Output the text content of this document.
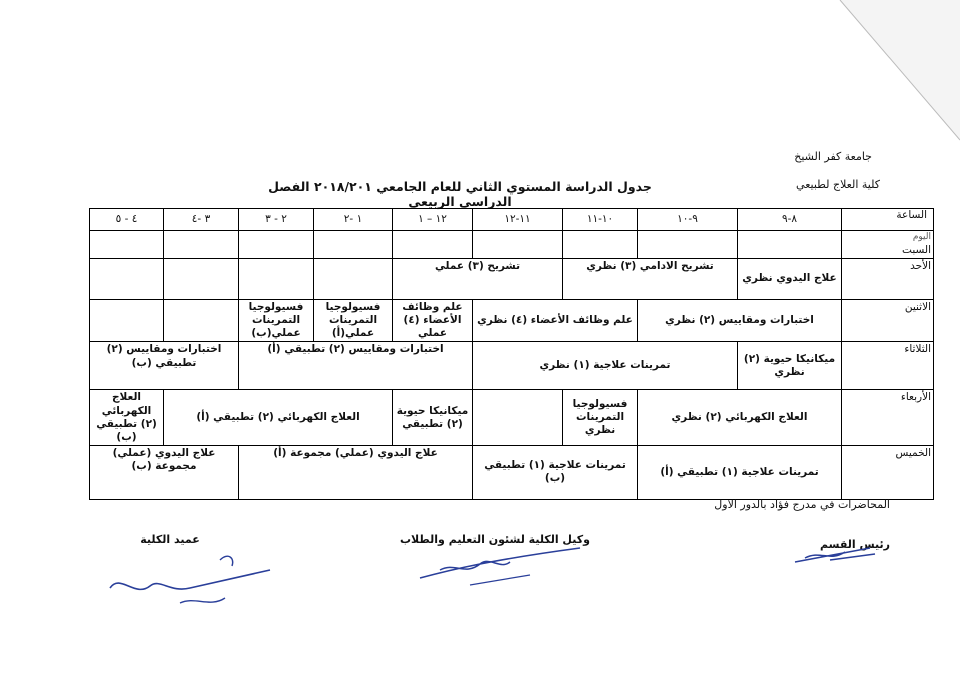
جامعة كفر الشيخ
كلية العلاج لطبيعي
جدول الدراسة المستوي الثاني للعام الجامعي ٢٠١٨/٢٠١ الفصل الدراسي الربيعي
الساعة	٨-٩	٩-١٠	١٠-١١	١١-١٢	١٢ – ١	١ -٢	٢ - ٣	٣ -٤	٤ - ٥

اليوم
السبت									

الأحد	علاج اليدوي نظري	تشريح الادامي (٣) نظري		تشريح (٣) عملي					
الاثنين	اختبارات ومقاييس (٢) نظري		علم وظائف الأعضاء (٤) نظري		علم وظائف الأعضاء (٤) عملي	فسيولوجيا التمرينات عملي(أ)	فسيولوجيا التمرينات عملي(ب)		
الثلاثاء	ميكانيكا حيوية (٢) نظري	تمرينات علاجية (١) نظري			اختبارات ومقاييس (٢) تطبيقي (أ)			اختبارات ومقاييس (٢) تطبيقي (ب)	
الأربعاء	العلاج الكهربائي (٢) نظري		فسيولوجيا التمرينات نظري		ميكانيكا حيوية (٢) تطبيقي	العلاج الكهربائي (٢) تطبيقي (أ)			العلاج الكهربائي (٢) تطبيقي (ب)
الخميس	تمرينات علاجية (١) تطبيقي (أ)		تمرينات علاجية (١) تطبيقي (ب)		علاج اليدوي (عملي) مجموعة (أ)			علاج اليدوي (عملي) مجموعة (ب)	
المحاضرات في مدرج فؤاد بالدور الاول
رئيس القسم
وكيل الكلية لشئون التعليم والطلاب
عميد الكلية
